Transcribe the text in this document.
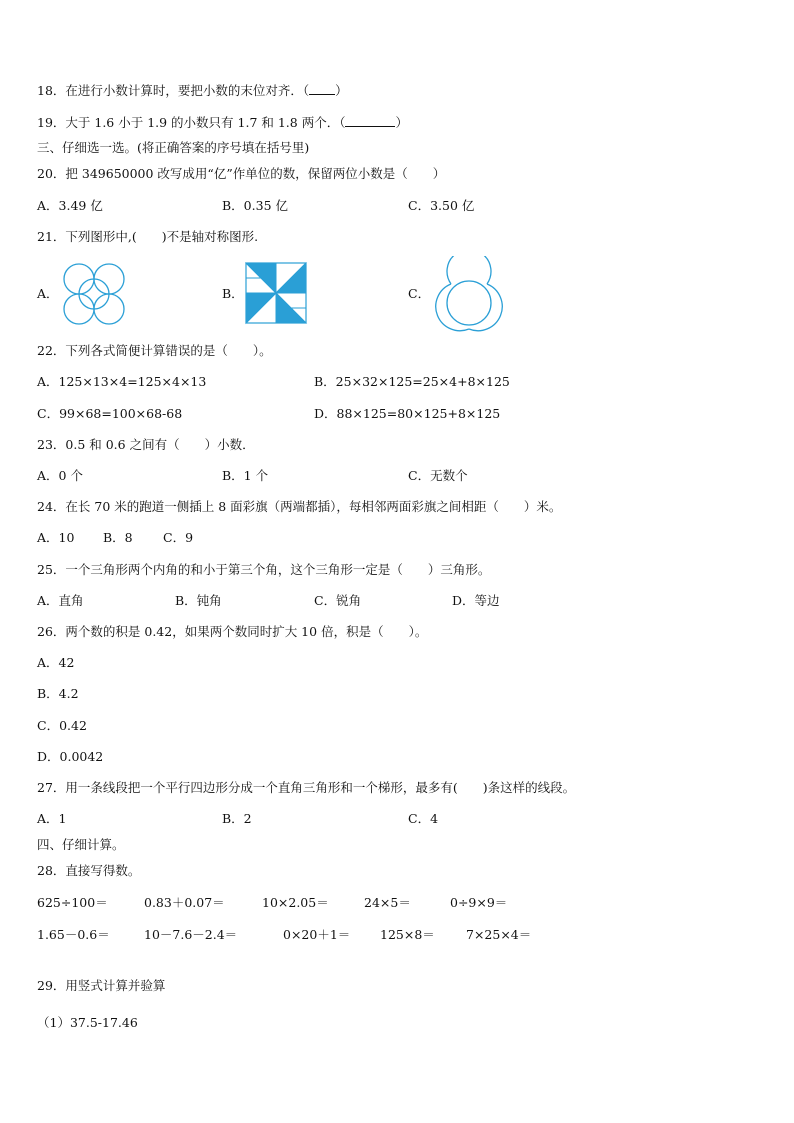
18．在进行小数计算时，要把小数的末位对齐．（ ）
19．大于 1.6 小于 1.9 的小数只有 1.7 和 1.8 两个．（	）
三、仔细选一选。(将正确答案的序号填在括号里)
20．把 349650000 改写成用“亿”作单位的数，保留两位小数是（　　）
A．3.49 亿	B．0.35 亿	C．3.50 亿
21．下列图形中,(　　)不是轴对称图形.
A．	B．	C．
22．下列各式简便计算错误的是（　　）。
A．125×13×4=125×4×13	B．25×32×125=25×4+8×125
C．99×68=100×68-68	D．88×125=80×125+8×125
23．0.5 和 0.6 之间有（　　）小数．
A．0 个	B．1 个	C．无数个
24．在长 70 米的跑道一侧插上 8 面彩旗（两端都插），每相邻两面彩旗之间相距（　　）米。
A．10 B．8 C．9
25．一个三角形两个内角的和小于第三个角，这个三角形一定是（　　）三角形。
A．直角	B．钝角	C．锐角	D．等边
26．两个数的积是 0.42，如果两个数同时扩大 10 倍，积是（　　）。
A．42
B．4.2
C．0.42
D．0.0042
27．用一条线段把一个平行四边形分成一个直角三角形和一个梯形，最多有(　　)条这样的线段。
A．1	B．2	C．4
四、仔细计算。
28．直接写得数。
625÷100＝	0.83＋0.07＝	10×2.05＝	24×5＝	0÷9×9＝
1.65－0.6＝	10－7.6－2.4＝	0×20＋1＝ 125×8＝ 7×25×4＝
29．用竖式计算并验算
（1）37.5-17.46
